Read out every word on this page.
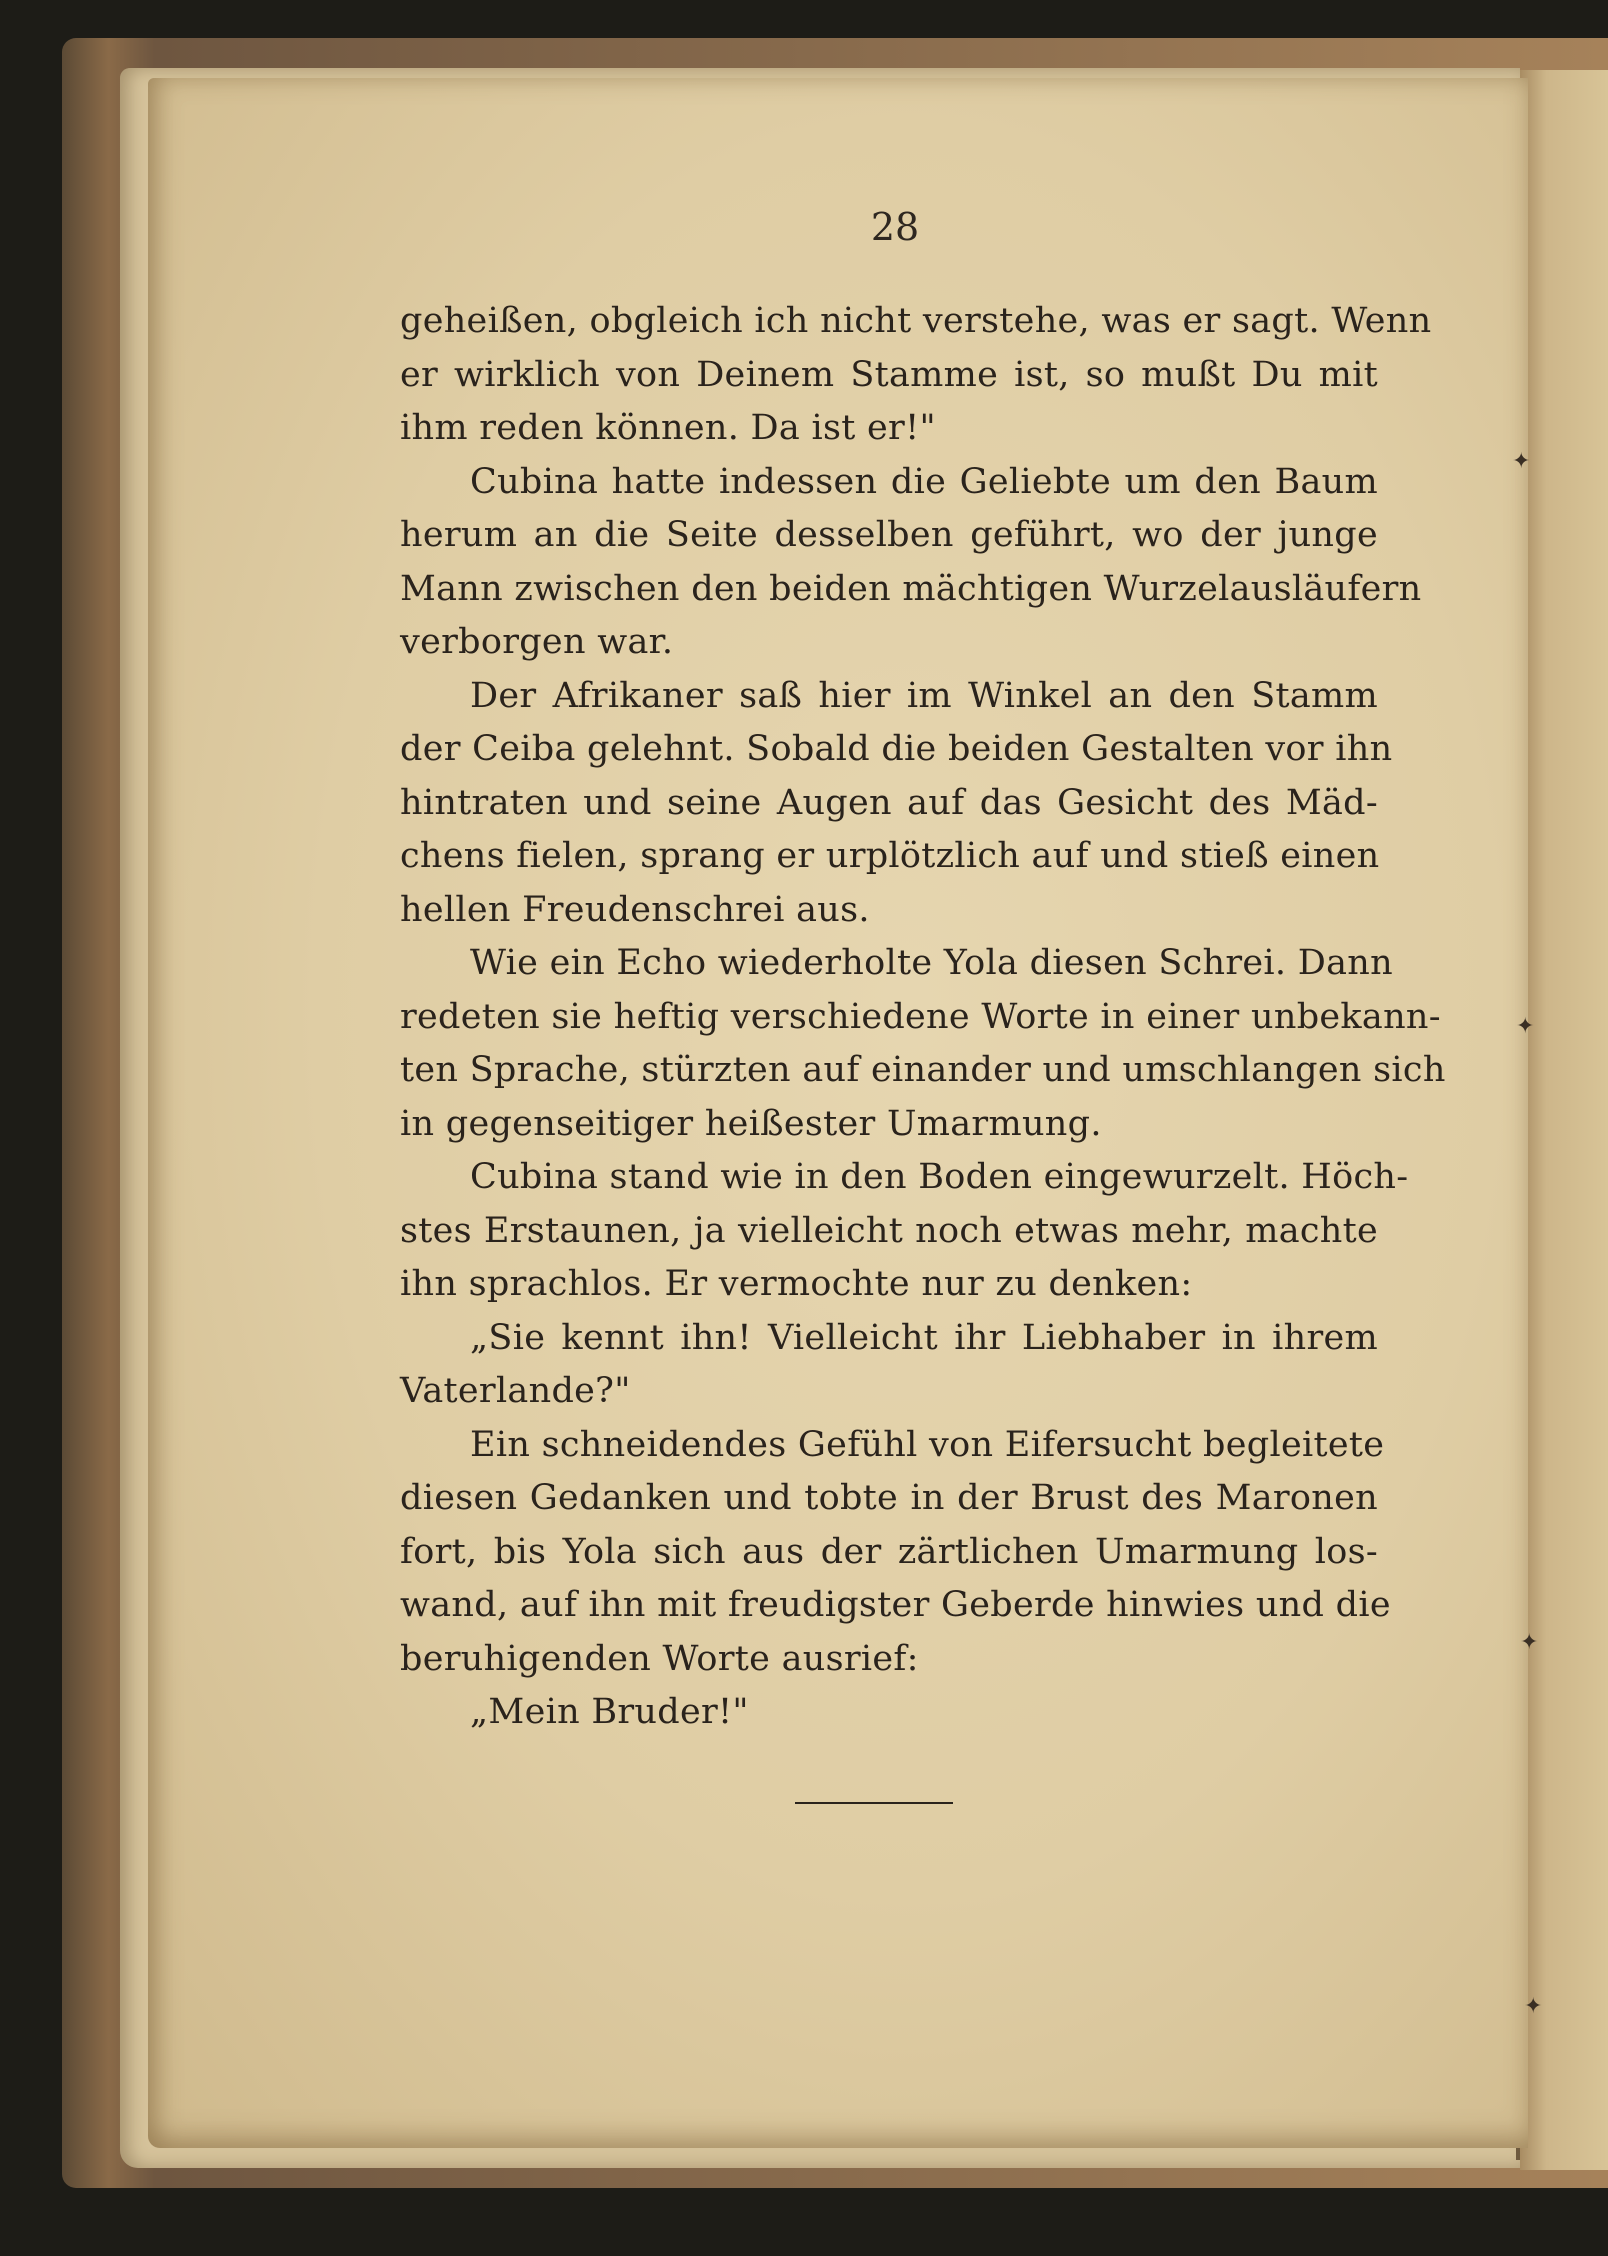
28
geheißen, obgleich ich nicht verstehe, was er sagt. Wenn
er wirklich von Deinem Stamme ist, so mußt Du mit
ihm reden können. Da ist er!"
Cubina hatte indessen die Geliebte um den Baum
herum an die Seite desselben geführt, wo der junge
Mann zwischen den beiden mächtigen Wurzelausläufern
verborgen war.
Der Afrikaner saß hier im Winkel an den Stamm
der Ceiba gelehnt. Sobald die beiden Gestalten vor ihn
hintraten und seine Augen auf das Gesicht des Mäd-
chens fielen, sprang er urplötzlich auf und stieß einen
hellen Freudenschrei aus.
Wie ein Echo wiederholte Yola diesen Schrei. Dann
redeten sie heftig verschiedene Worte in einer unbekann-
ten Sprache, stürzten auf einander und umschlangen sich
in gegenseitiger heißester Umarmung.
Cubina stand wie in den Boden eingewurzelt. Höch-
stes Erstaunen, ja vielleicht noch etwas mehr, machte
ihn sprachlos. Er vermochte nur zu denken:
„Sie kennt ihn! Vielleicht ihr Liebhaber in ihrem
Vaterlande?"
Ein schneidendes Gefühl von Eifersucht begleitete
diesen Gedanken und tobte in der Brust des Maronen
fort, bis Yola sich aus der zärtlichen Umarmung los-
wand, auf ihn mit freudigster Geberde hinwies und die
beruhigenden Worte ausrief:
„Mein Bruder!"
✦
✦
✦
✦
